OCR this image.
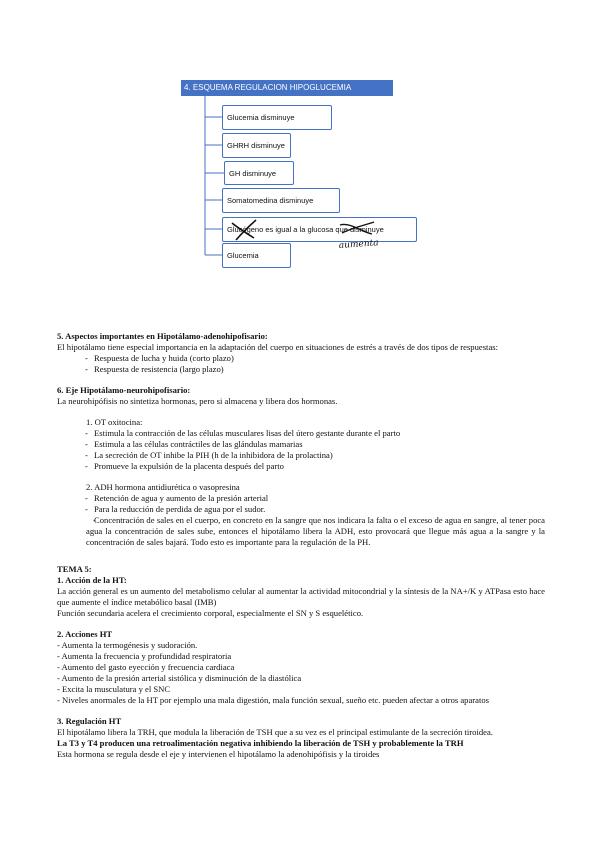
4. ESQUEMA REGULACION HIPOGLUCEMIA
Glucemia disminuye
GHRH disminuye
GH disminuye
Somatomedina disminuye
Glucógeno es igual a la glucosa que disminuye
Glucemia
aumenta

5. Aspectos importantes en Hipotálamo-adenohipofisario:

El hipotálamo tiene especial importancia en la adaptación del cuerpo en situaciones de estrés a través de dos tipos de respuestas:

- Respuesta de lucha y huida (corto plazo)

- Respuesta de resistencia (largo plazo)

6. Eje Hipotálamo-neurohipofisario:

La neurohipófisis no sintetiza hormonas, pero si almacena y libera dos hormonas.

1. OT oxitocina:

- Estimula la contracción de las células musculares lisas del útero gestante durante el parto

- Estimula a las células contráctiles de las glándulas mamarias

- La secreción de OT inhibe la PIH (h de la inhibidora de la prolactina)

- Promueve la expulsión de la placenta después del parto

2. ADH hormona antidiurética o vasopresina

- Retención de agua y aumento de la presión arterial

- Para la reducción de perdida de agua por el sudor.

- Concentración de sales en el cuerpo, en concreto en la sangre que nos indicara la falta o el exceso de agua en sangre, al tener poca agua la concentración de sales sube, entonces el hipotálamo libera la ADH, esto provocará que llegue más agua a la sangre y la concentración de sales bajará. Todo esto es importante para la regulación de la PH.

TEMA 5:

1. Acción de la HT:

La acción general es un aumento del metabolismo celular al aumentar la actividad mitocondrial y la síntesis de la NA+/K y ATPasa esto hace que aumente el índice metabólico basal (IMB)

Función secundaria acelera el crecimiento corporal, especialmente el SN y S esquelético.

2. Acciones HT

- Aumenta la termogénesis y sudoración.

- Aumenta la frecuencia y profundidad respiratoria

- Aumento del gasto eyección y frecuencia cardiaca

- Aumento de la presión arterial sistólica y disminución de la diastólica

- Excita la musculatura y el SNC

- Niveles anormales de la HT por ejemplo una mala digestión, mala función sexual, sueño etc. pueden afectar a otros aparatos

3. Regulación HT

El hipotálamo libera la TRH, que modula la liberación de TSH que a su vez es el principal estimulante de la secreción tiroidea.

La T3 y T4 producen una retroalimentación negativa inhibiendo la liberación de TSH y probablemente la TRH

Esta hormona se regula desde el eje y intervienen el hipotálamo la adenohipófisis y la tiroides
